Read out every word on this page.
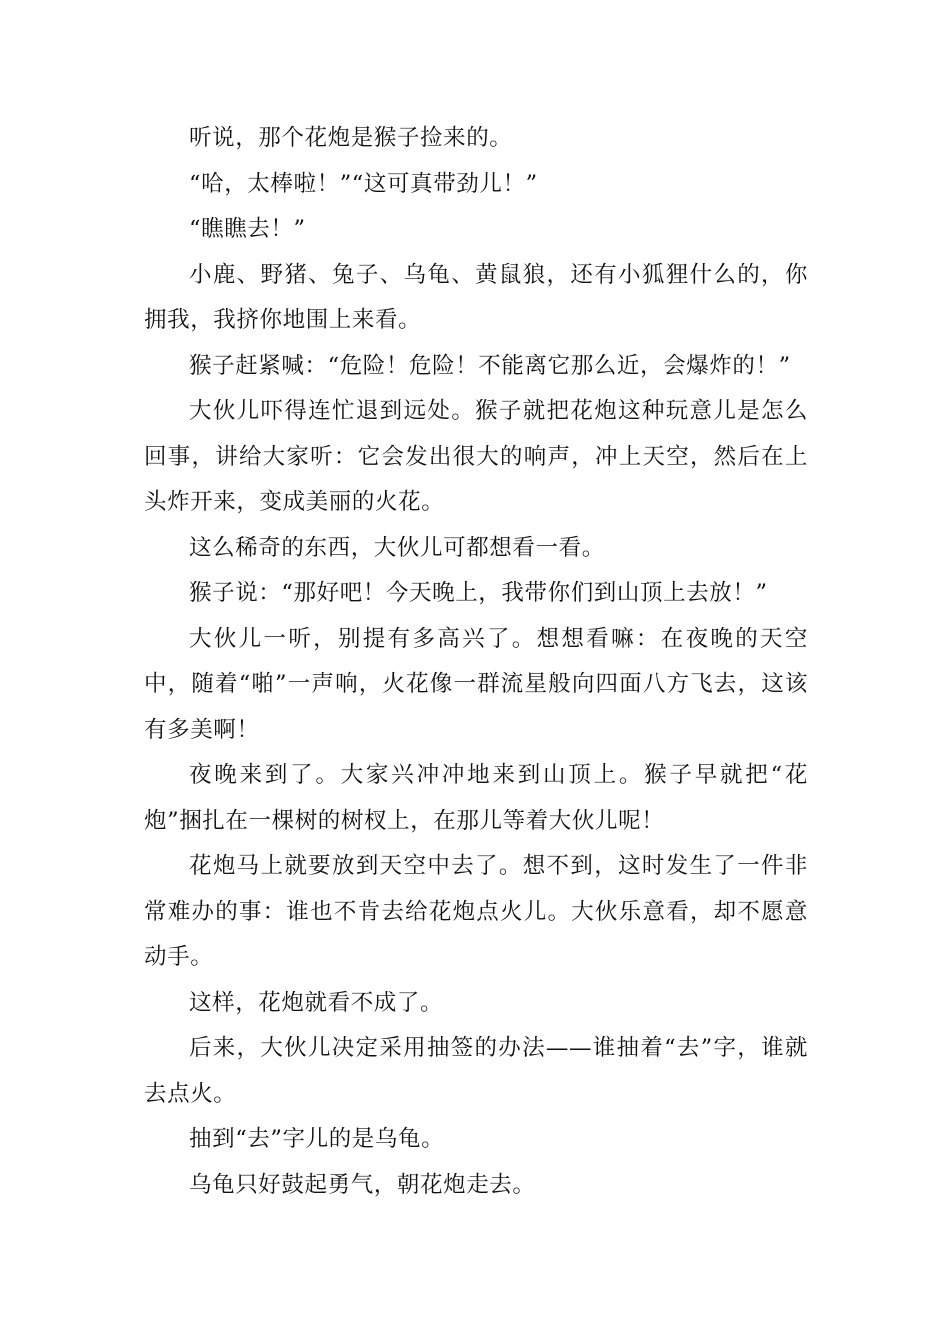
听说，那个花炮是猴子捡来的。

“哈，太棒啦！”“这可真带劲儿！”

“瞧瞧去！”

小鹿、野猪、兔子、乌龟、黄鼠狼，还有小狐狸什么的，你拥我，我挤你地围上来看。

猴子赶紧喊：“危险！危险！不能离它那么近，会爆炸的！”

大伙儿吓得连忙退到远处。猴子就把花炮这种玩意儿是怎么回事，讲给大家听：它会发出很大的响声，冲上天空，然后在上头炸开来，变成美丽的火花。

这么稀奇的东西，大伙儿可都想看一看。

猴子说：“那好吧！今天晚上，我带你们到山顶上去放！”

大伙儿一听，别提有多高兴了。想想看嘛：在夜晚的天空中，随着“啪”一声响，火花像一群流星般向四面八方飞去，这该有多美啊！

夜晚来到了。大家兴冲冲地来到山顶上。猴子早就把“花炮”捆扎在一棵树的树杈上，在那儿等着大伙儿呢！

花炮马上就要放到天空中去了。想不到，这时发生了一件非常难办的事：谁也不肯去给花炮点火儿。大伙乐意看，却不愿意动手。

这样，花炮就看不成了。

后来，大伙儿决定采用抽签的办法——谁抽着“去”字，谁就去点火。

抽到“去”字儿的是乌龟。

乌龟只好鼓起勇气，朝花炮走去。
